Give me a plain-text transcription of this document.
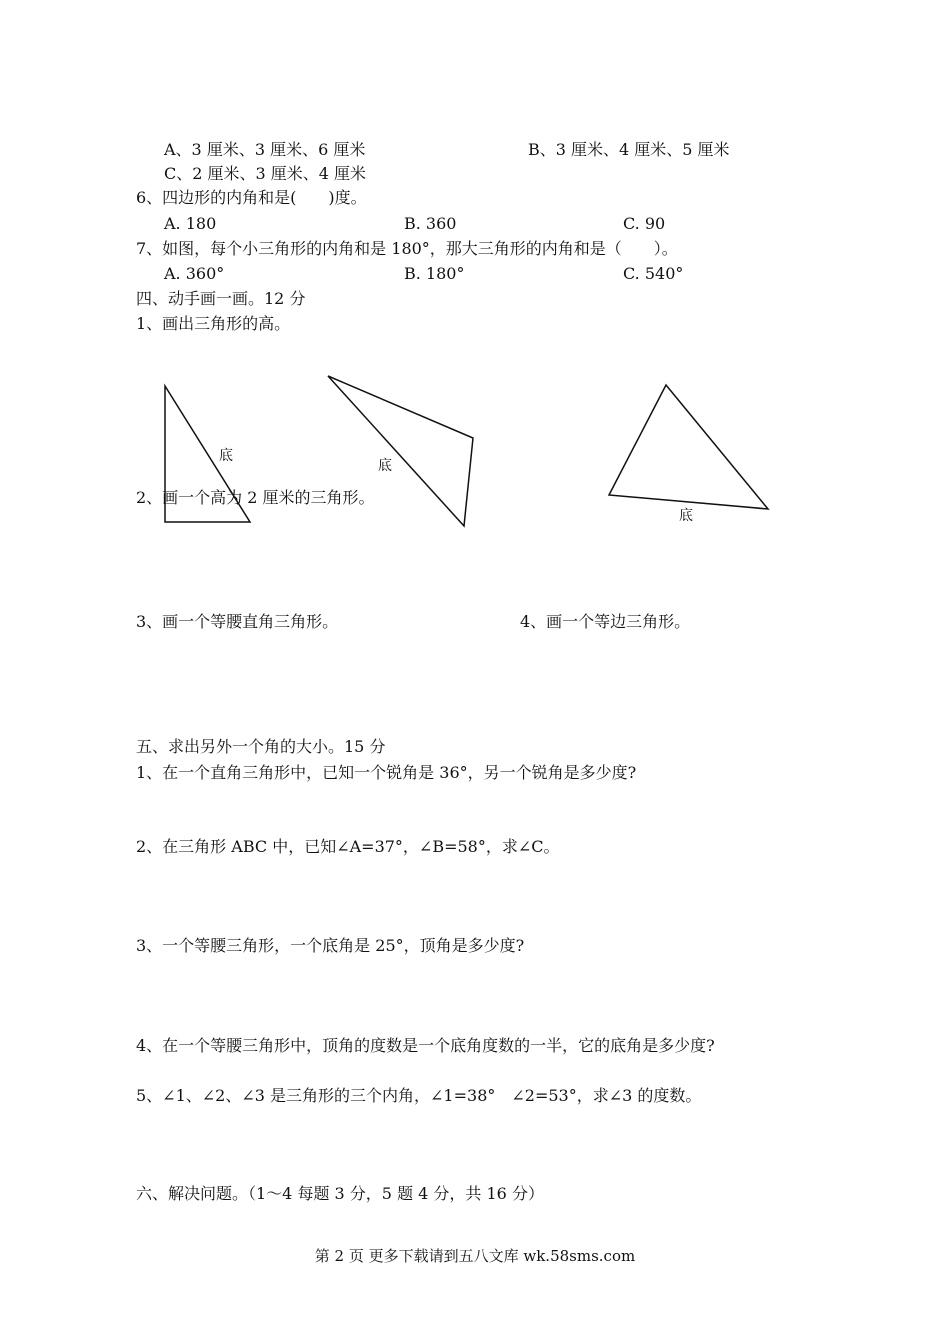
A、3 厘米、3 厘米、6 厘米	B、3 厘米、4 厘米、5 厘米
C、2 厘米、3 厘米、4 厘米
6、四边形的内角和是(　　)度。
A. 180	B. 360	C. 90
7、如图，每个小三角形的内角和是 180°，那大三角形的内角和是（　　）。
A. 360°	B. 180°	C. 540°
四、动手画一画。12 分
1、画出三角形的高。
底
底
底
2、画一个高为 2 厘米的三角形。
3、画一个等腰直角三角形。	4、画一个等边三角形。
五、求出另外一个角的大小。15 分
1、在一个直角三角形中，已知一个锐角是 36°，另一个锐角是多少度?
2、在三角形 ABC 中，已知∠A=37°，∠B=58°，求∠C。
3、一个等腰三角形，一个底角是 25°，顶角是多少度?
4、在一个等腰三角形中，顶角的度数是一个底角度数的一半，它的底角是多少度?
5、∠1、∠2、∠3 是三角形的三个内角，∠1=38°　∠2=53°，求∠3 的度数。
六、解决问题。（1～4 每题 3 分，5 题 4 分，共 16 分）
第 2 页 更多下载请到五八文库 wk.58sms.com
